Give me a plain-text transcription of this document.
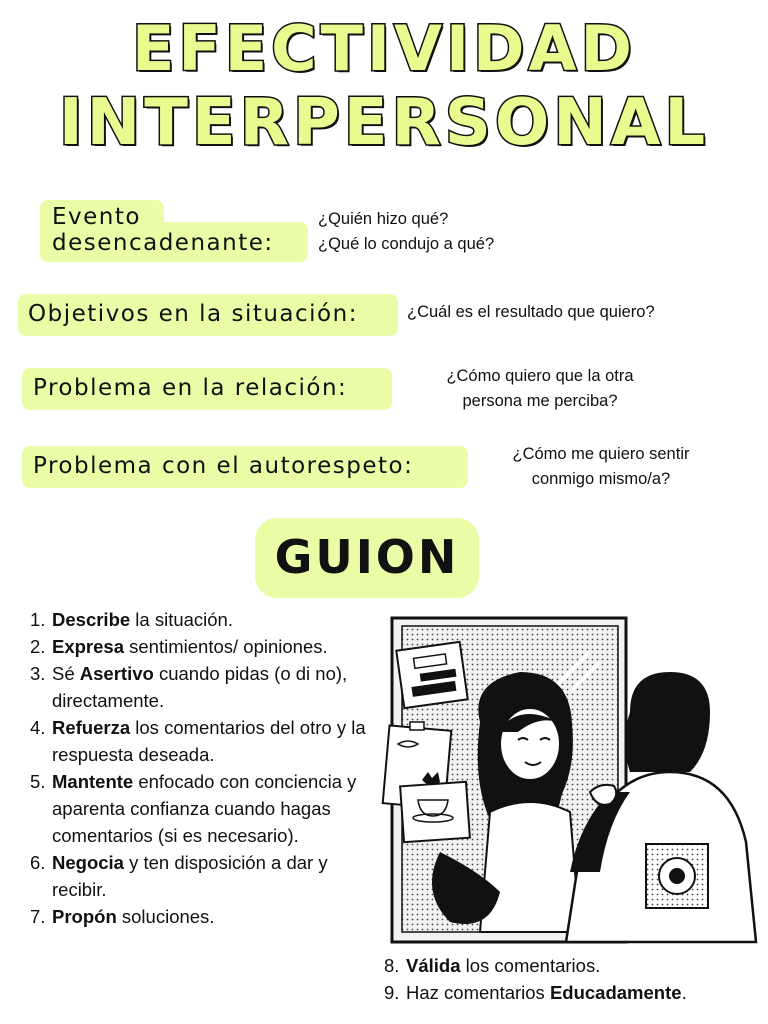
EFECTIVIDAD
INTERPERSONAL
Evento
desencadenante:
¿Quién hizo qué?
¿Qué lo condujo a qué?
Objetivos en la situación:	¿Cuál es el resultado que quiero?
Problema en la relación:	¿Cómo quiero que la otra
persona me perciba?
Problema con el autorespeto:	¿Cómo me quiero sentir
conmigo mismo/a?
GUION
1. Describe la situación.
2. Expresa sentimientos/ opiniones.
3. Sé Asertivo cuando pidas (o di no), directamente.
4. Refuerza los comentarios del otro y la respuesta deseada.
5. Mantente enfocado con conciencia y aparenta confianza cuando hagas comentarios (si es necesario).
6. Negocia y ten disposición a dar y recibir.
7. Propón soluciones.
8. Válida los comentarios.
9. Haz comentarios Educadamente.
